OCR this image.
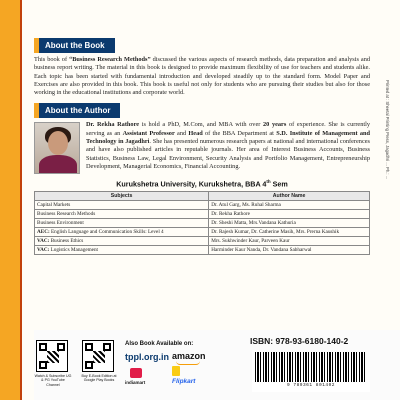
About the Book

This book of “Business Research Methods” discussed the various aspects of research methods, data preparation and analysis and business report writing. The material in this book is designed to provide maximum flexibility of use for teachers and students alike. Each topic has been started with fundamental introduction and developed steadily up to the standard form. Model Paper and Exercises are also provided in this book. This book is useful not only for students who are pursuing their studies but also for those working in the educational institutions and corporate world.

About the Author

Dr. Rekha Rathore is hold a PhD, M.Com, and MBA with over 20 years of experience. She is currently serving as an Assistant Professor and Head of the BBA Department at S.D. Institute of Management and Technology in Jagadhri. She has presented numerous research papers at national and international conferences and have also published articles in reputable journals. Her area of Interest Business Accounts, Business Statistics, Business Law, Legal Environment, Security Analysis and Portfolio Management, Entrepreneurship Development, Managerial Economics, Financial Accounting.

Kurukshetra University, Kurukshetra, BBA 4th Sem
Subjects	Author Name
Capital Markets	Dr. Atul Garg, Ms. Ruhal Sharma
Business Research Methods	Dr. Rekha Rathore
Business Environment	Dr. Sheshi Matta, Mrs.Vandana Kathuria
AEC: English Language and Communication Skills: Level 4	Dr. Rajesh Kumar, Dr. Catherine Masih, Mrs. Prerna Kaushik
VAC: Business Ethics	Mrs. Sukhwinder Kaur, Parveen Kaur
VAC: Logistics Management	Harminder Kaur Nanda, Dr. Vandana Sabharwal
Printed at : Sheetal Printing Press, Jagadhri ... Ph.: ...
Watch & Subscribe UG & PG YouTube Channel
Buy E-Book Edition at Google Play Books
Also Book Available on:
tppl.org.in amazon
indiamart	Flipkart
ISBN: 978-93-6180-140-2
9 789361 801402
